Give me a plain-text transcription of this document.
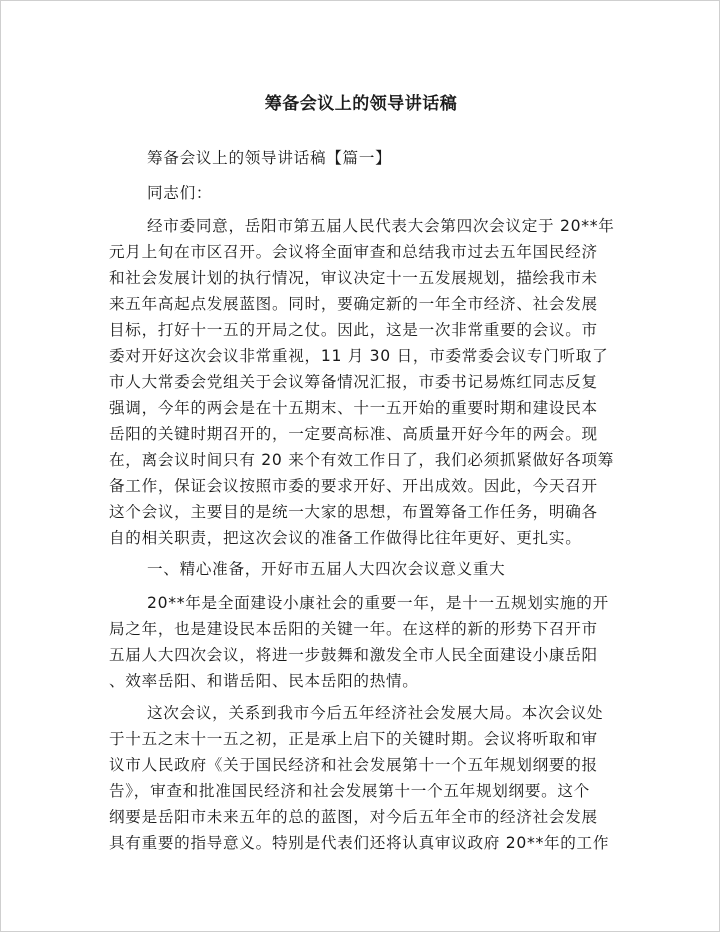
筹备会议上的领导讲话稿
筹备会议上的领导讲话稿【篇一】
同志们：
经市委同意，岳阳市第五届人民代表大会第四次会议定于 20**年
元月上旬在市区召开。会议将全面审查和总结我市过去五年国民经济
和社会发展计划的执行情况，审议决定十一五发展规划，描绘我市未
来五年高起点发展蓝图。同时，要确定新的一年全市经济、社会发展
目标，打好十一五的开局之仗。因此，这是一次非常重要的会议。市
委对开好这次会议非常重视，11 月 30 日，市委常委会议专门听取了
市人大常委会党组关于会议筹备情况汇报，市委书记易炼红同志反复
强调，今年的两会是在十五期末、十一五开始的重要时期和建设民本
岳阳的关键时期召开的，一定要高标准、高质量开好今年的两会。现
在，离会议时间只有 20 来个有效工作日了，我们必须抓紧做好各项筹
备工作，保证会议按照市委的要求开好、开出成效。因此，今天召开
这个会议，主要目的是统一大家的思想，布置筹备工作任务，明确各
自的相关职责，把这次会议的准备工作做得比往年更好、更扎实。
一、精心准备，开好市五届人大四次会议意义重大
20**年是全面建设小康社会的重要一年，是十一五规划实施的开
局之年，也是建设民本岳阳的关键一年。在这样的新的形势下召开市
五届人大四次会议，将进一步鼓舞和激发全市人民全面建设小康岳阳
、效率岳阳、和谐岳阳、民本岳阳的热情。
这次会议，关系到我市今后五年经济社会发展大局。本次会议处
于十五之末十一五之初，正是承上启下的关键时期。会议将听取和审
议市人民政府《关于国民经济和社会发展第十一个五年规划纲要的报
告》，审查和批准国民经济和社会发展第十一个五年规划纲要。这个
纲要是岳阳市未来五年的总的蓝图，对今后五年全市的经济社会发展
具有重要的指导意义。特别是代表们还将认真审议政府 20**年的工作
